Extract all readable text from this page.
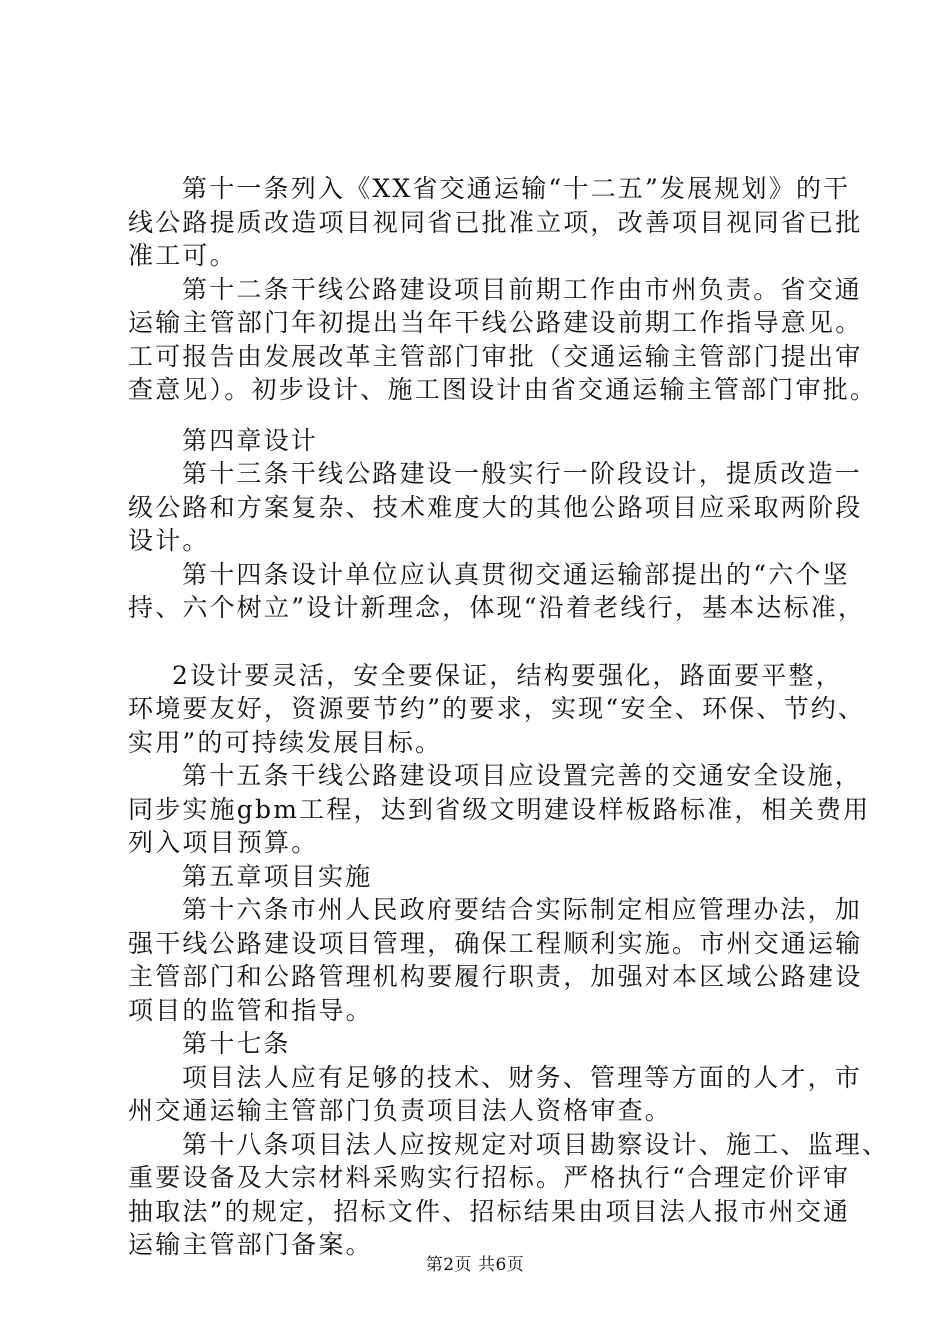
第十一条列入《XX省交通运输“十二五”发展规划》的干
线公路提质改造项目视同省已批准立项，改善项目视同省已批
准工可。
第十二条干线公路建设项目前期工作由市州负责。省交通
运输主管部门年初提出当年干线公路建设前期工作指导意见。
工可报告由发展改革主管部门审批（交通运输主管部门提出审
查意见）。初步设计、施工图设计由省交通运输主管部门审批。
第四章设计
第十三条干线公路建设一般实行一阶段设计，提质改造一
级公路和方案复杂、技术难度大的其他公路项目应采取两阶段
设计。
第十四条设计单位应认真贯彻交通运输部提出的“六个坚
持、六个树立”设计新理念，体现“沿着老线行，基本达标准，
2设计要灵活，安全要保证，结构要强化，路面要平整，
环境要友好，资源要节约”的要求，实现“安全、环保、节约、
实用”的可持续发展目标。
第十五条干线公路建设项目应设置完善的交通安全设施，
同步实施gbm工程，达到省级文明建设样板路标准，相关费用
列入项目预算。
第五章项目实施
第十六条市州人民政府要结合实际制定相应管理办法，加
强干线公路建设项目管理，确保工程顺利实施。市州交通运输
主管部门和公路管理机构要履行职责，加强对本区域公路建设
项目的监管和指导。
第十七条
项目法人应有足够的技术、财务、管理等方面的人才，市
州交通运输主管部门负责项目法人资格审查。
第十八条项目法人应按规定对项目勘察设计、施工、监理、
重要设备及大宗材料采购实行招标。严格执行“合理定价评审
抽取法”的规定，招标文件、招标结果由项目法人报市州交通
运输主管部门备案。
第2页 共6页
